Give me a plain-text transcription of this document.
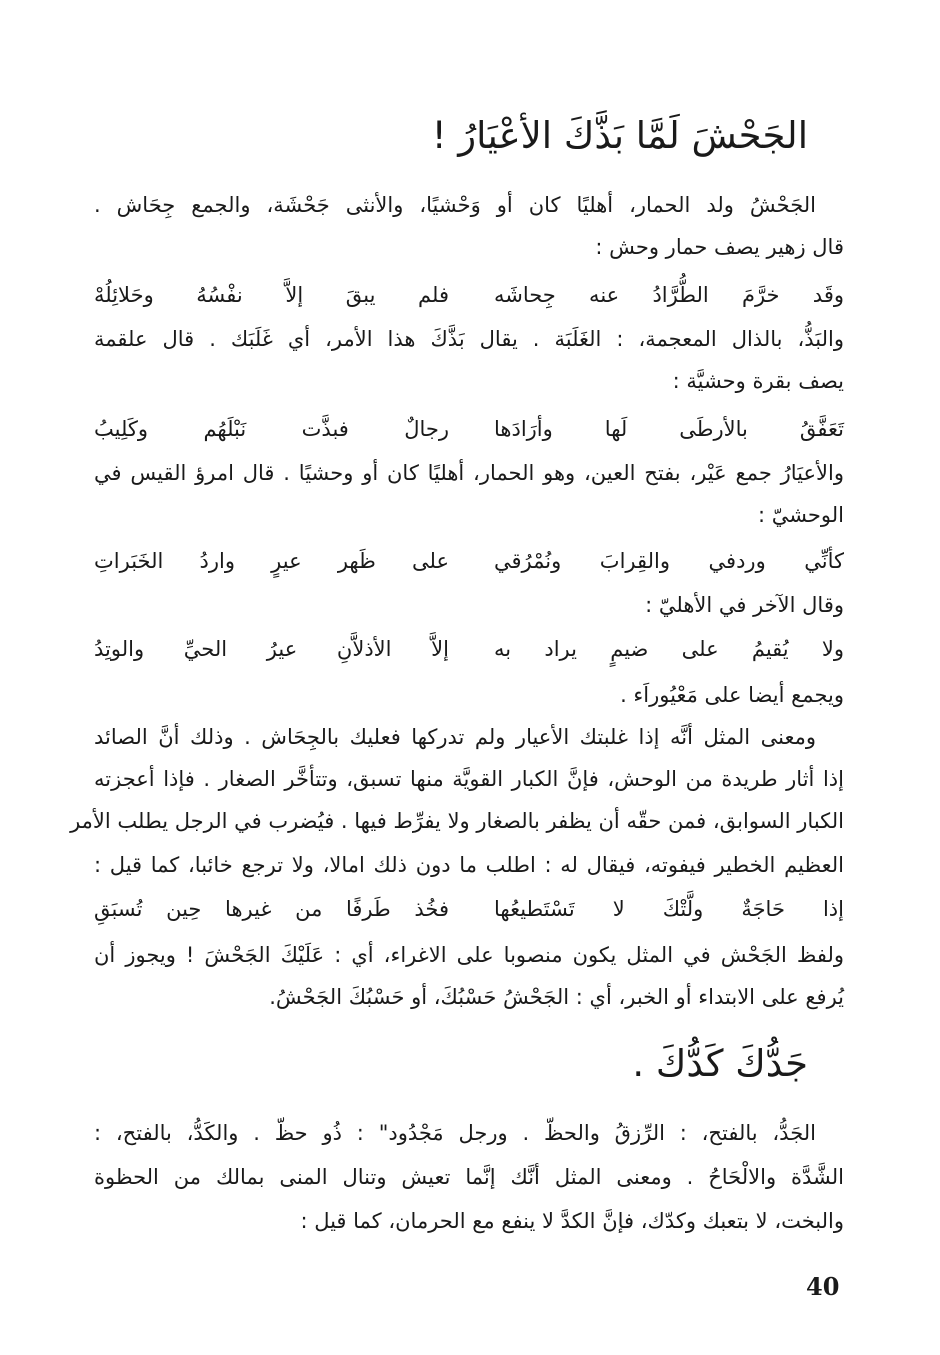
الجَحْشَ لَمَّا بَذَّكَ الأعْيَارُ !
الجَحْشُ ولد الحمار، أهليًا كان أو وَحْشيًا، والأنثى جَحْشَة، والجمع جِحَاش .
قال زهير يصف حمار وحش :
وقَد خرَّمَ الطُّرَّادُ عنه جِحاشَه
فلم يبقَ إلاَّ نفْسُهُ وحَلائِلُهْ
والبَذُّ، بالذال المعجمة، : الغَلَبَة . يقال بَذَّكَ هذا الأمر، أي غَلَبَك . قال علقمة
يصف بقرة وحشيَّة :
تَعَفَّقُ بالأرطَى لَها وأرَادَها
رجالٌ فبذَّت نَبْلَهُم وكَلِيبُ
والأعيَارُ جمع عَيْر، بفتح العين، وهو الحمار، أهليًا كان أو وحشيًا . قال امرؤ القيس في
الوحشيّ :
كأنِّي وردفي والقِرابَ ونُمْرُقي
على ظَهر عيرٍ واردُ الخَبَراتِ
وقال الآخر في الأهليّ :
ولا يُقيمُ على ضيمٍ يراد به
إلاَّ الأذلاَّنِ عيرُ الحيِّ والوتِدُ
ويجمع أيضا على مَعْيُوراَء .
ومعنى المثل أنَّه إذا غلبتك الأعيار ولم تدركها فعليك بالجِحَاش . وذلك أنَّ الصائد
إذا أثار طريدة من الوحش، فإنَّ الكبار القويَّة منها تسبق، وتتأخَّر الصغار . فإذا أعجزته
الكبار السوابق، فمن حقّه أن يظفر بالصغار ولا يفرِّط فيها . فيُضرب في الرجل يطلب الأمر
العظيم الخطير فيفوته، فيقال له : اطلب ما دون ذلك امالا، ولا ترجع خائبا، كما قيل :
إذا حَاجَةٌ ولَّتْكَ لا تَسْتَطيعُها
فخُذ طَرفًا من غيرها حِين تُسبَقِ
ولفظ الجَحْش في المثل يكون منصوبا على الاغراء، أي : عَلَيْكَ الجَحْشَ ! ويجوز أن
يُرفع على الابتداء أو الخبر، أي : الجَحْشُ حَسْبُكَ، أو حَسْبُكَ الجَحْشُ.
جَدُّكَ كَدُّكَ .
الجَدُّ، بالفتح، : الرِّزقُ والحظّ . ورجل مَجْدُود" : ذُو حظّ . والكَدُّ، بالفتح، :
الشَّدَّة والالْحَاحُ . ومعنى المثل أنَّك إنَّما تعيش وتنال المنى بمالك من الحظوة
والبخت، لا بتعبك وكدّك، فإنَّ الكدَّ لا ينفع مع الحرمان، كما قيل :
40
